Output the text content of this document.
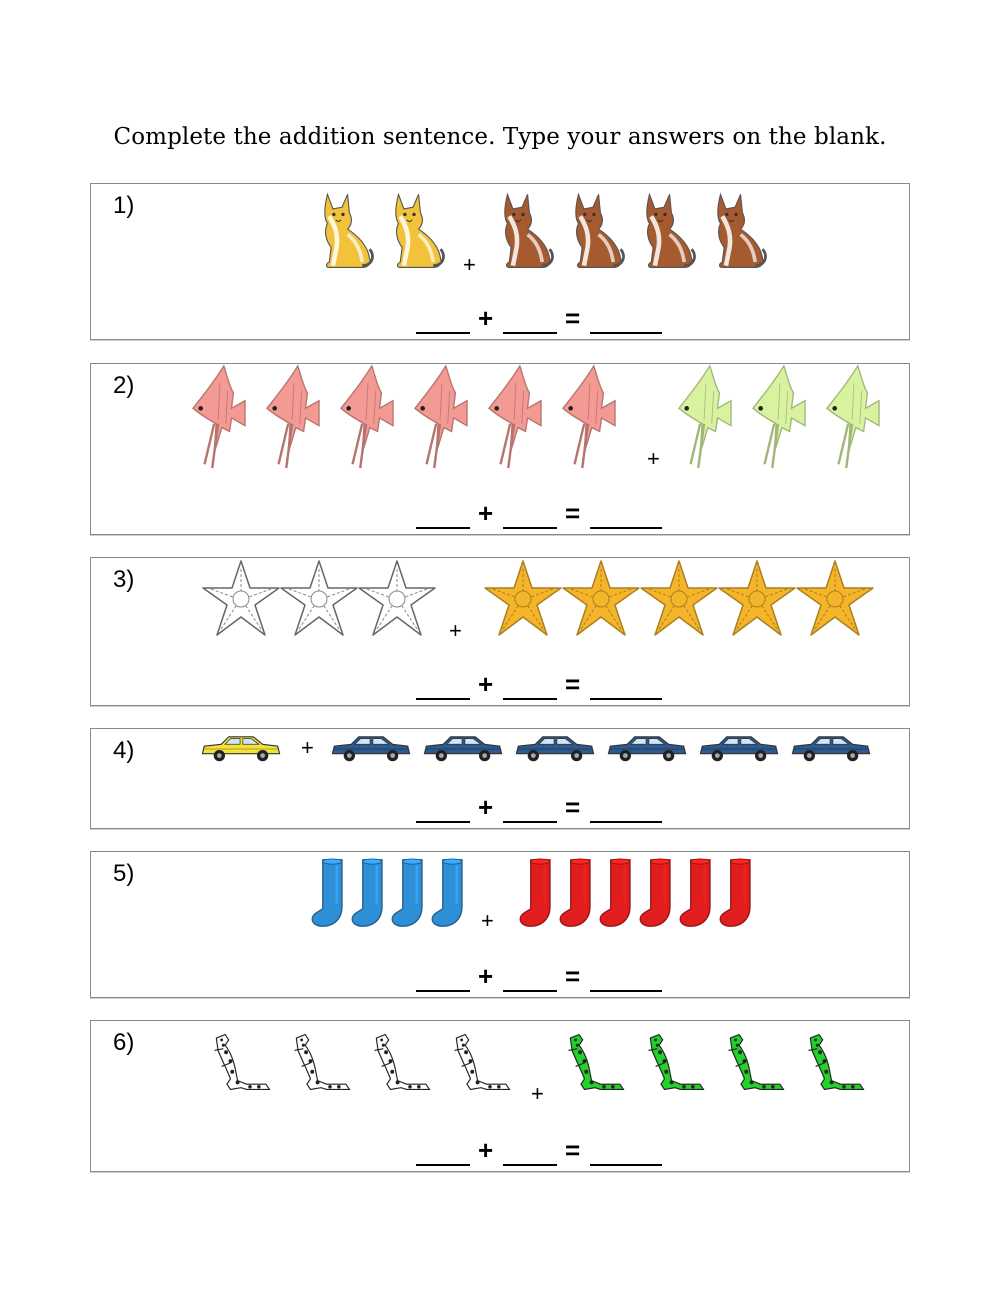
Complete the addition sentence. Type your answers on the blank.
1)
+
+	=
2)
+
+	=
3)
+
+	=
4)	+
+	=
5)
+
+	=
6)
+
+	=
